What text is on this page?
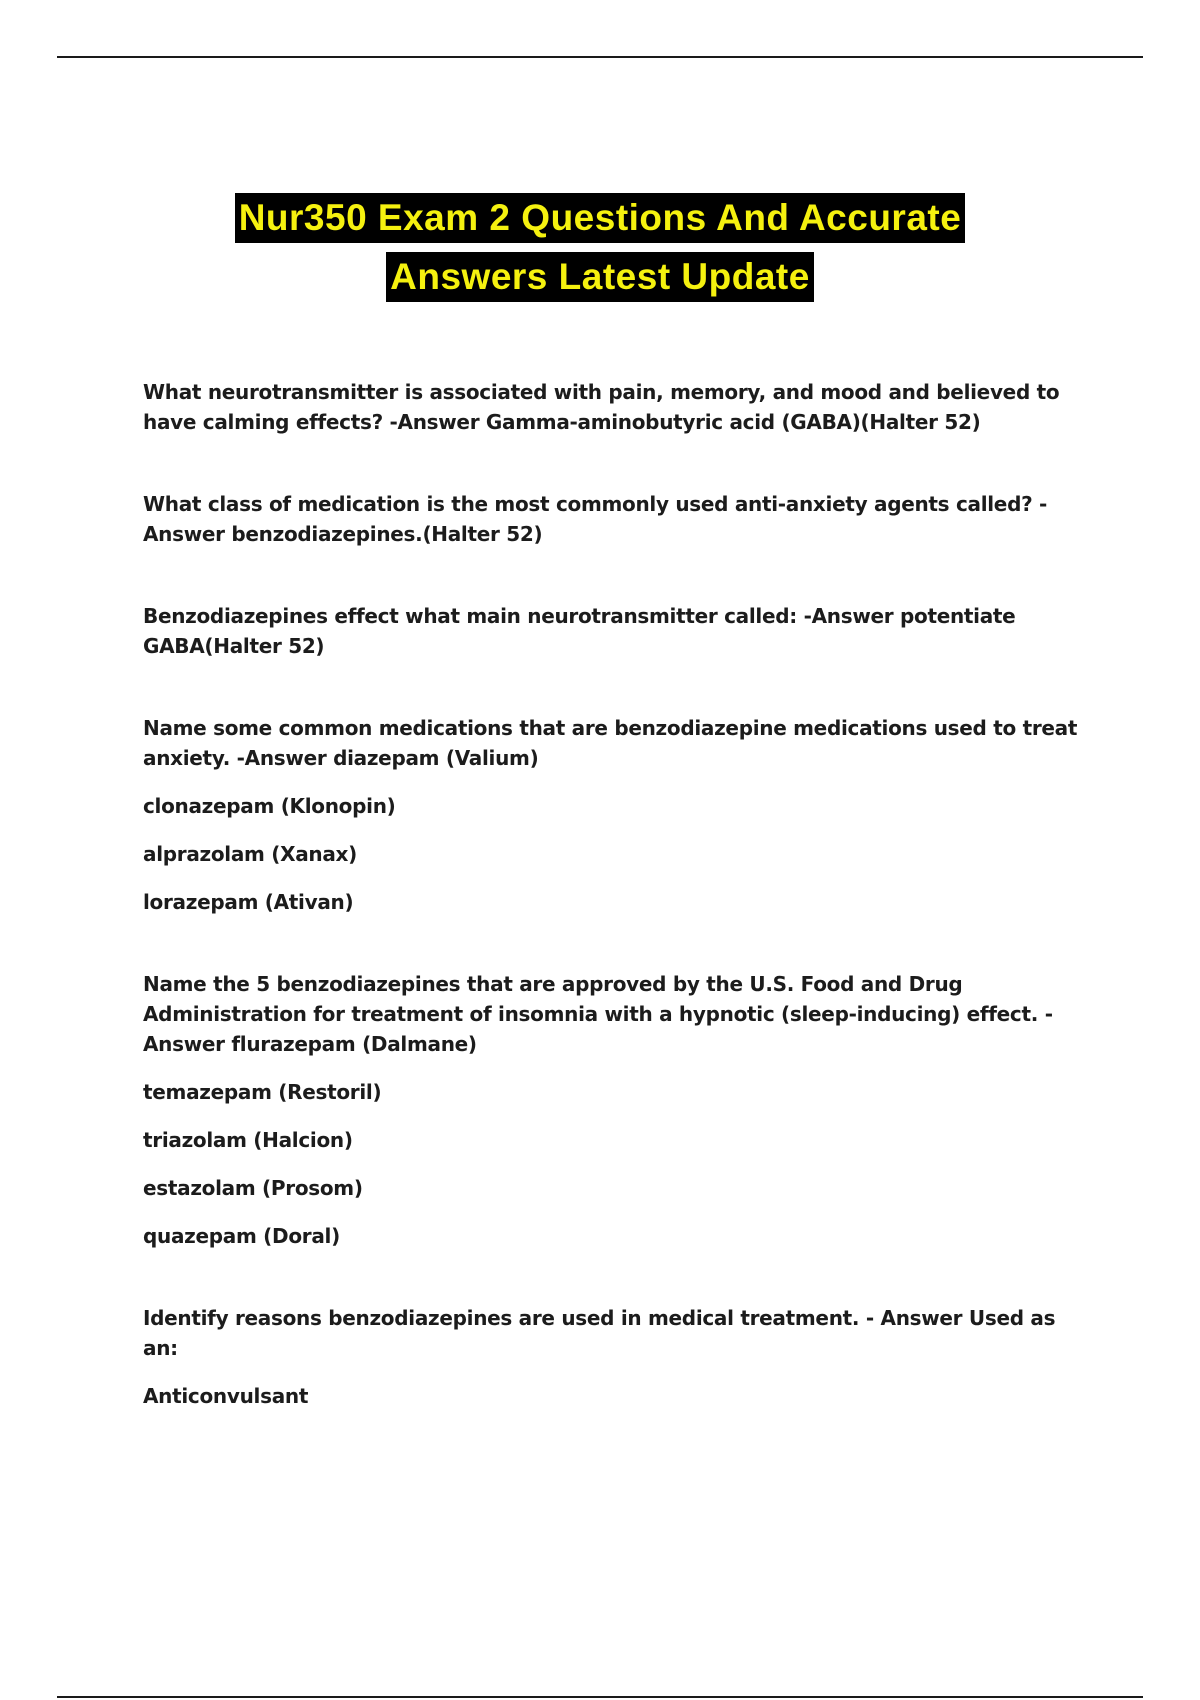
Nur350 Exam 2 Questions And Accurate
Answers Latest Update

What neurotransmitter is associated with pain, memory, and mood and believed to have calming effects? -Answer Gamma-aminobutyric acid (GABA)(Halter 52)

What class of medication is the most commonly used anti-anxiety agents called? -Answer benzodiazepines.(Halter 52)

Benzodiazepines effect what main neurotransmitter called: -Answer potentiate GABA(Halter 52)

Name some common medications that are benzodiazepine medications used to treat anxiety. -Answer diazepam (Valium)

clonazepam (Klonopin)

alprazolam (Xanax)

lorazepam (Ativan)

Name the 5 benzodiazepines that are approved by the U.S. Food and Drug Administration for treatment of insomnia with a hypnotic (sleep-inducing) effect. -Answer flurazepam (Dalmane)

temazepam (Restoril)

triazolam (Halcion)

estazolam (Prosom)

quazepam (Doral)

Identify reasons benzodiazepines are used in medical treatment. - Answer Used as an:

Anticonvulsant
